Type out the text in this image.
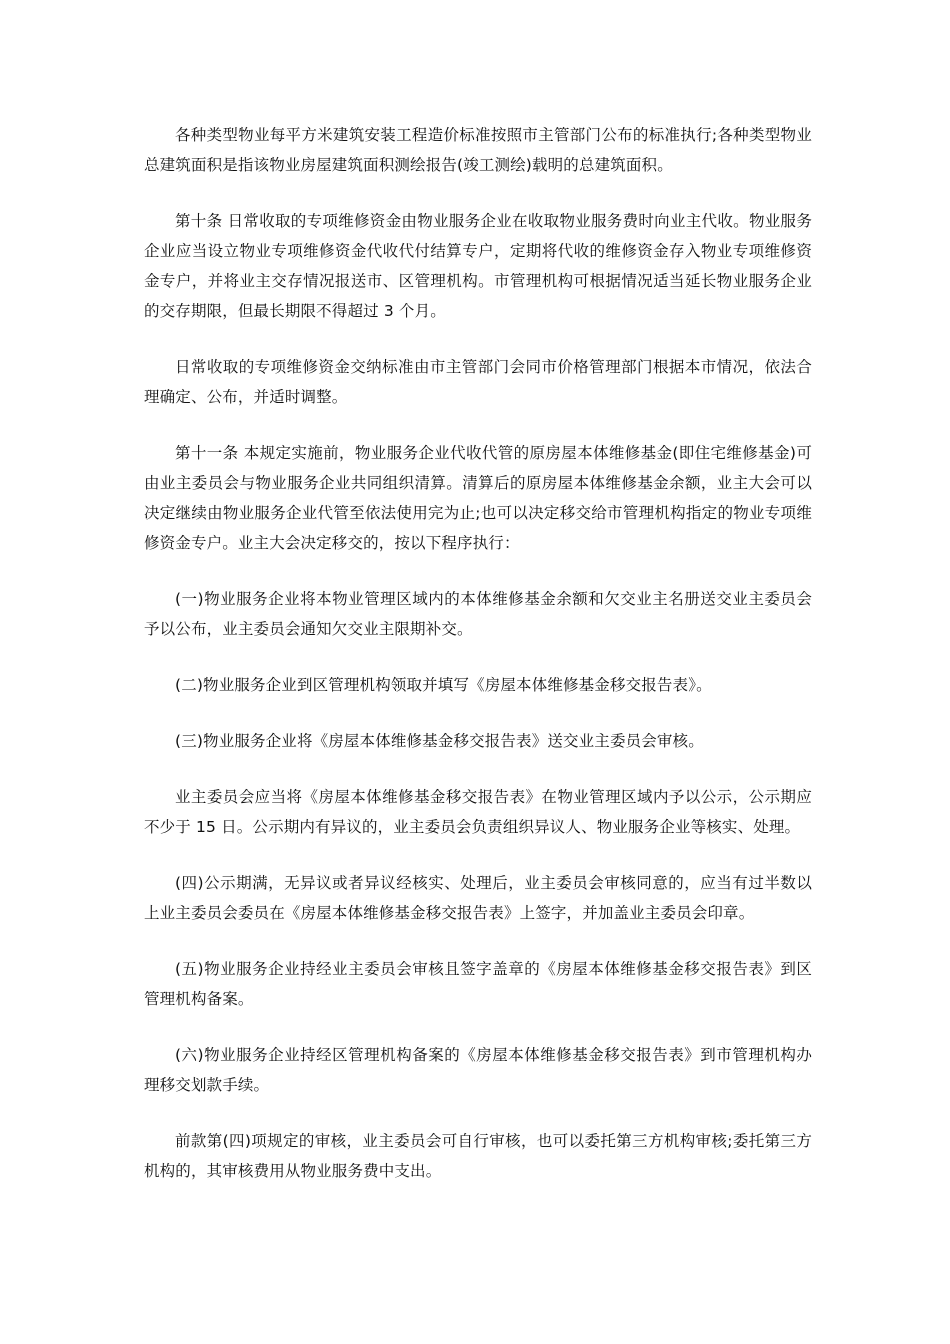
各种类型物业每平方米建筑安装工程造价标准按照市主管部门公布的标准执行;各种类型物业总建筑面积是指该物业房屋建筑面积测绘报告(竣工测绘)载明的总建筑面积。

第十条 日常收取的专项维修资金由物业服务企业在收取物业服务费时向业主代收。物业服务企业应当设立物业专项维修资金代收代付结算专户，定期将代收的维修资金存入物业专项维修资金专户，并将业主交存情况报送市、区管理机构。市管理机构可根据情况适当延长物业服务企业的交存期限，但最长期限不得超过 3 个月。

日常收取的专项维修资金交纳标准由市主管部门会同市价格管理部门根据本市情况，依法合理确定、公布，并适时调整。

第十一条 本规定实施前，物业服务企业代收代管的原房屋本体维修基金(即住宅维修基金)可由业主委员会与物业服务企业共同组织清算。清算后的原房屋本体维修基金余额，业主大会可以决定继续由物业服务企业代管至依法使用完为止;也可以决定移交给市管理机构指定的物业专项维修资金专户。业主大会决定移交的，按以下程序执行：

(一)物业服务企业将本物业管理区域内的本体维修基金余额和欠交业主名册送交业主委员会予以公布，业主委员会通知欠交业主限期补交。

(二)物业服务企业到区管理机构领取并填写《房屋本体维修基金移交报告表》。

(三)物业服务企业将《房屋本体维修基金移交报告表》送交业主委员会审核。

业主委员会应当将《房屋本体维修基金移交报告表》在物业管理区域内予以公示，公示期应不少于 15 日。公示期内有异议的，业主委员会负责组织异议人、物业服务企业等核实、处理。

(四)公示期满，无异议或者异议经核实、处理后，业主委员会审核同意的，应当有过半数以上业主委员会委员在《房屋本体维修基金移交报告表》上签字，并加盖业主委员会印章。

(五)物业服务企业持经业主委员会审核且签字盖章的《房屋本体维修基金移交报告表》到区管理机构备案。

(六)物业服务企业持经区管理机构备案的《房屋本体维修基金移交报告表》到市管理机构办理移交划款手续。

前款第(四)项规定的审核，业主委员会可自行审核，也可以委托第三方机构审核;委托第三方机构的，其审核费用从物业服务费中支出。
